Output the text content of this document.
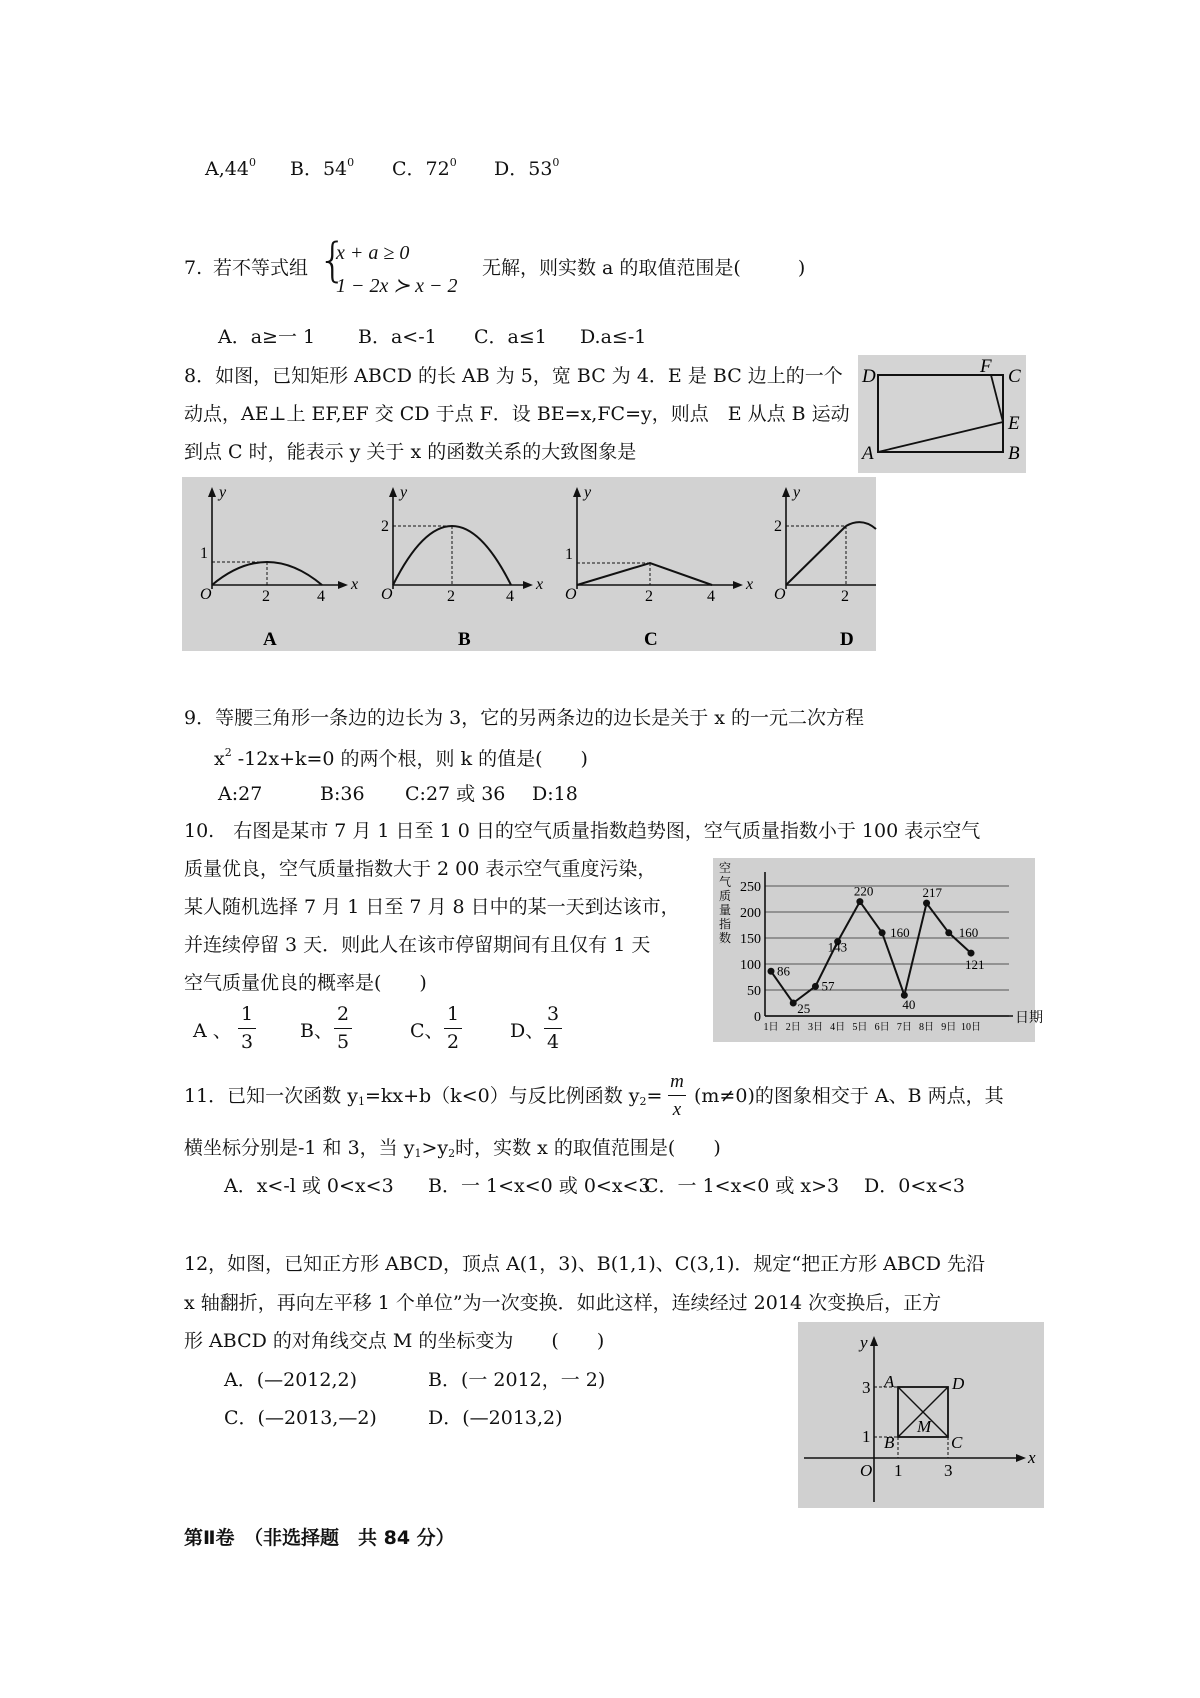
$A,44^0$ B．$54^0$ C．$72^0$ D．$53^0$
7. 若不等式组 {
x + a ≥ 0
1 − 2x ≻ x − 2
无解，则实数 a 的取值范围是(　　　)
A．a≥一 1 B．a<-1 C．a≤1 D.a≤-1
8．如图，已知矩形 ABCD 的长 AB 为 5，宽 BC 为 4．E 是 BC 边上的一个
动点，AE⊥上 EF,EF 交 CD 于点 F．设 BE=x,FC=y，则点　E 从点 B 运动
到点 C 时，能表示 y 关于 x 的函数关系的大致图象是
D	F C
E
A	B
y
O
1
2	4
x
A
y
O
2
2	4
x
B
y
O
1
2	4
x
C
y
O
2
2
D
9．等腰三角形一条边的边长为 3，它的另两条边的边长是关于 x 的一元二次方程
$x^2$ -12x+k=0 的两个根，则 k 的值是(　　)
A:27	B:36 C:27 或 36 D:18
10.　右图是某市 7 月 1 日至 1 0 日的空气质量指数趋势图，空气质量指数小于 100 表示空气
质量优良，空气质量指数大于 2 00 表示空气重度污染，
某人随机选择 7 月 1 日至 7 月 8 日中的某一天到达该市，
并连续停留 3 天．则此人在该市停留期间有且仅有 1 天
空气质量优良的概率是(　　)
A 、
1
3 B、
2
5	C、
1
2	D、
3
4
空
气
质
量
指
数
0
50
100
150
200
250
1日 2日 3日 4日 5日 6日 7日 8日 9日 10日
日期
86
25
57
143
220
160
40
217
160
121
11．已知一次函数 $y_1=kx+b(k<0)$与反比例函数 $y_2=$
m
x
(m≠0)的图象相交于 A、B 两点，其
横坐标分别是-1 和 3，当 $y_1>y_2$时，实数 x 的取值范围是(　　)
A．x<-l 或 0<x<3 B．一 1<x<0 或 0<x<3
C．一 1<x<0 或 x>3 D．0<x<3
12，如图，已知正方形 ABCD，顶点 A(1，3)、B(1,1)、C(3,1)．规定“把正方形 ABCD 先沿
x 轴翻折，再向左平移 1 个单位”为一次变换．如此这样，连续经过 2014 次变换后，正方
形 ABCD 的对角线交点 M 的坐标变为　　(　　)
A．(—2012,2)	B．(一 2012，一 2)
C．(—2013,—2)	D．(—2013,2)
y
x
O
3
1
1 3
A	D
B	C
M
第Ⅱ卷　（非选择题　共 84 分）
